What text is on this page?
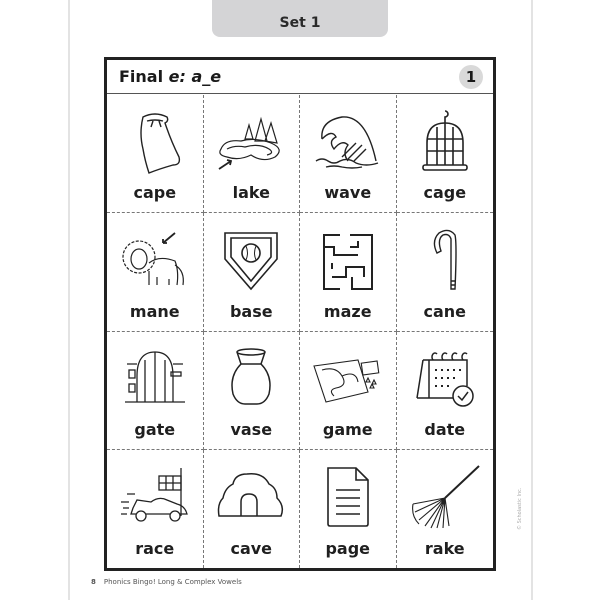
Set 1
Final e: a_e	1
cape	lake	wave	cage
mane	base	maze	cane
gate	vase	game	date
race	cave	page	rake
8 Phonics Bingo! Long & Complex Vowels
© Scholastic Inc.
